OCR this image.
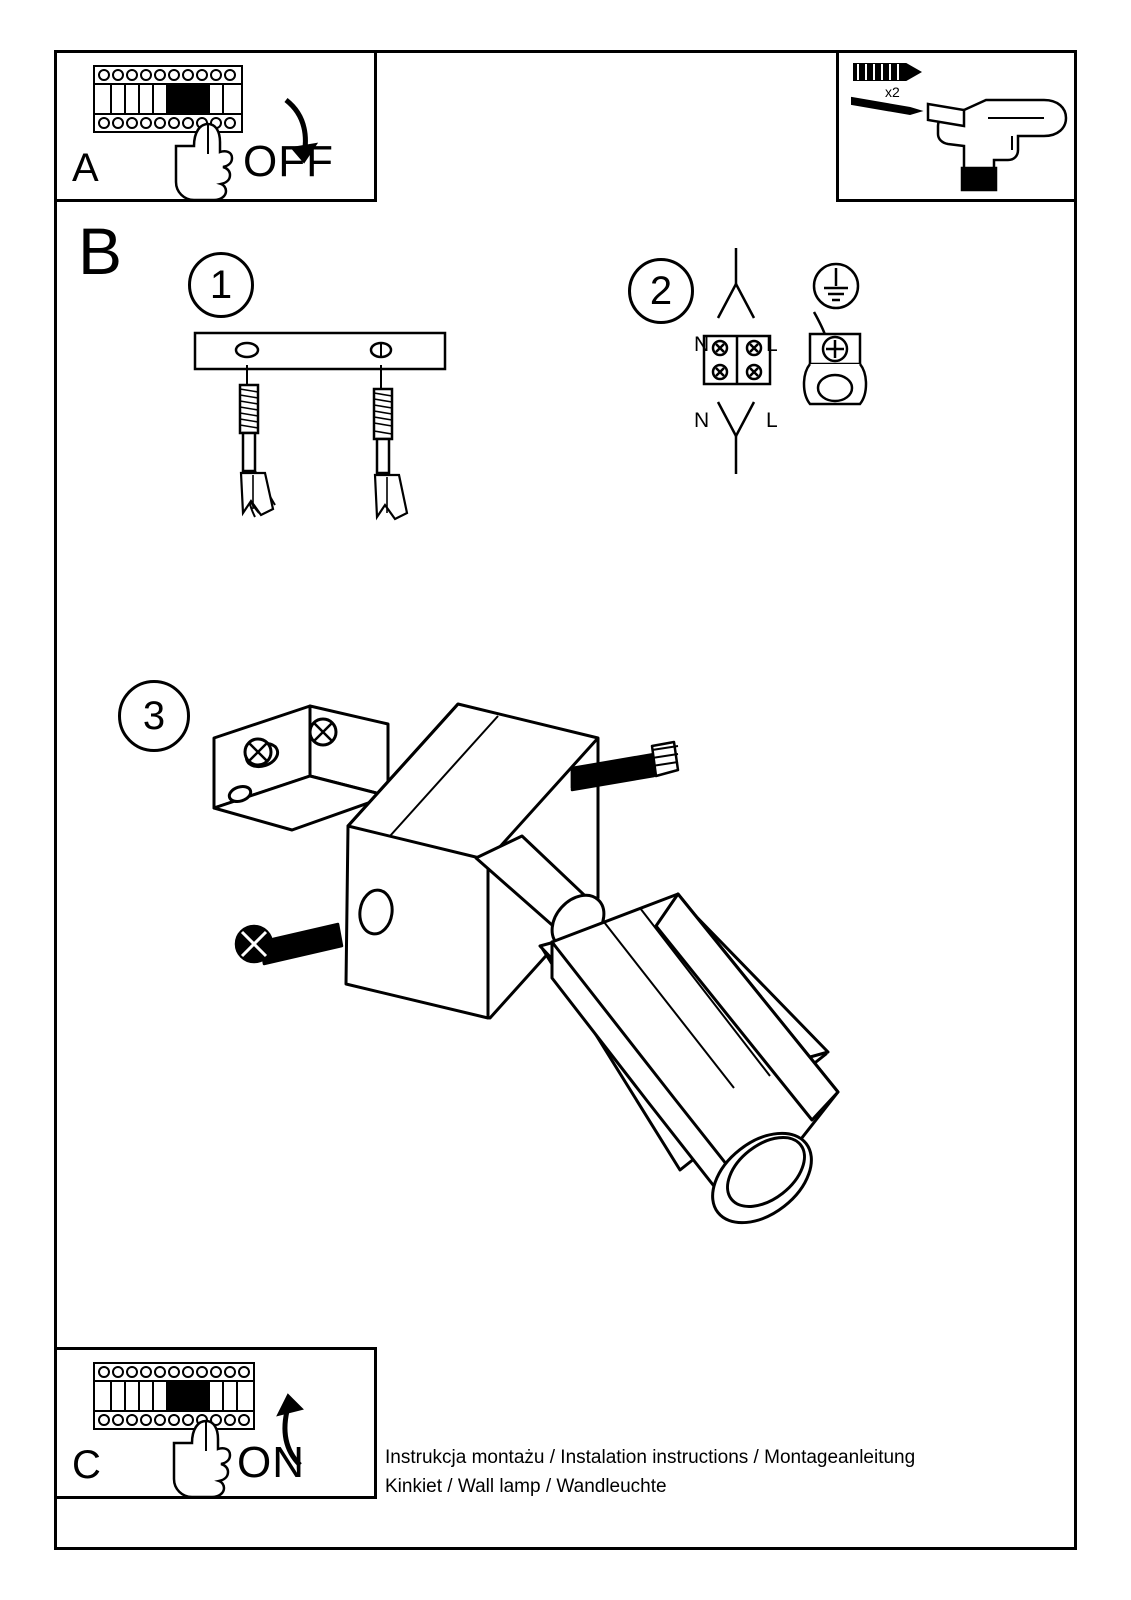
A	OFF
x2
B	1	2
3
N	L
N	L
C	ON	Instrukcja montażu / Instalation instructions / Montageanleitung
Kinkiet / Wall lamp / Wandleuchte
